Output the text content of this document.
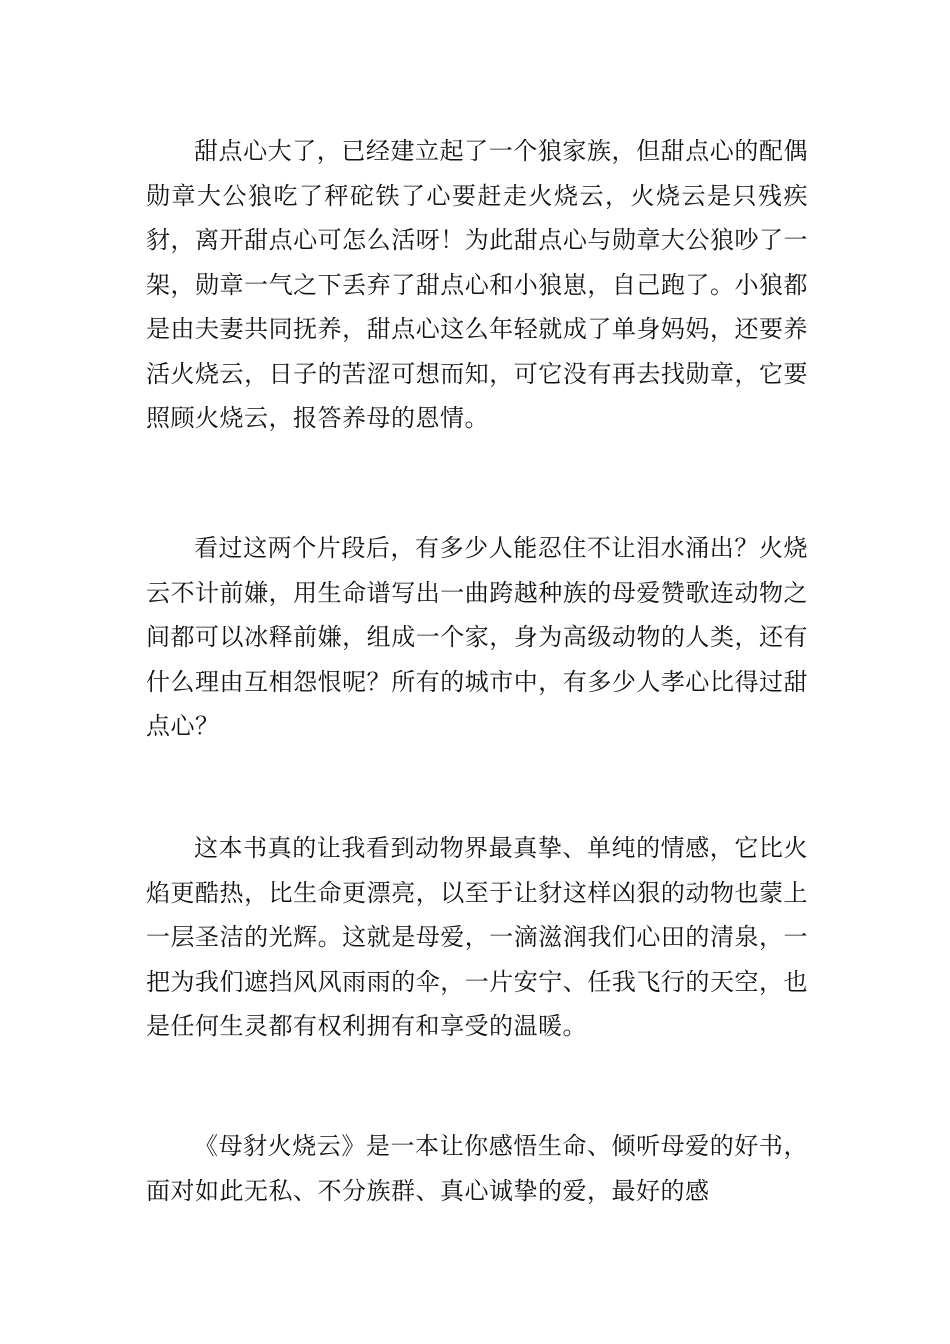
甜点心大了，已经建立起了一个狼家族，但甜点心的配偶勋章大公狼吃了秤砣铁了心要赶走火烧云，火烧云是只残疾豺，离开甜点心可怎么活呀！为此甜点心与勋章大公狼吵了一架，勋章一气之下丢弃了甜点心和小狼崽，自己跑了。小狼都是由夫妻共同抚养，甜点心这么年轻就成了单身妈妈，还要养活火烧云，日子的苦涩可想而知，可它没有再去找勋章，它要照顾火烧云，报答养母的恩情。

看过这两个片段后，有多少人能忍住不让泪水涌出？火烧云不计前嫌，用生命谱写出一曲跨越种族的母爱赞歌连动物之间都可以冰释前嫌，组成一个家，身为高级动物的人类，还有什么理由互相怨恨呢？所有的城市中，有多少人孝心比得过甜点心？

这本书真的让我看到动物界最真挚、单纯的情感，它比火焰更酷热，比生命更漂亮，以至于让豺这样凶狠的动物也蒙上一层圣洁的光辉。这就是母爱，一滴滋润我们心田的清泉，一把为我们遮挡风风雨雨的伞，一片安宁、任我飞行的天空，也是任何生灵都有权利拥有和享受的温暖。

《母豺火烧云》是一本让你感悟生命、倾听母爱的好书，面对如此无私、不分族群、真心诚挚的爱，最好的感
